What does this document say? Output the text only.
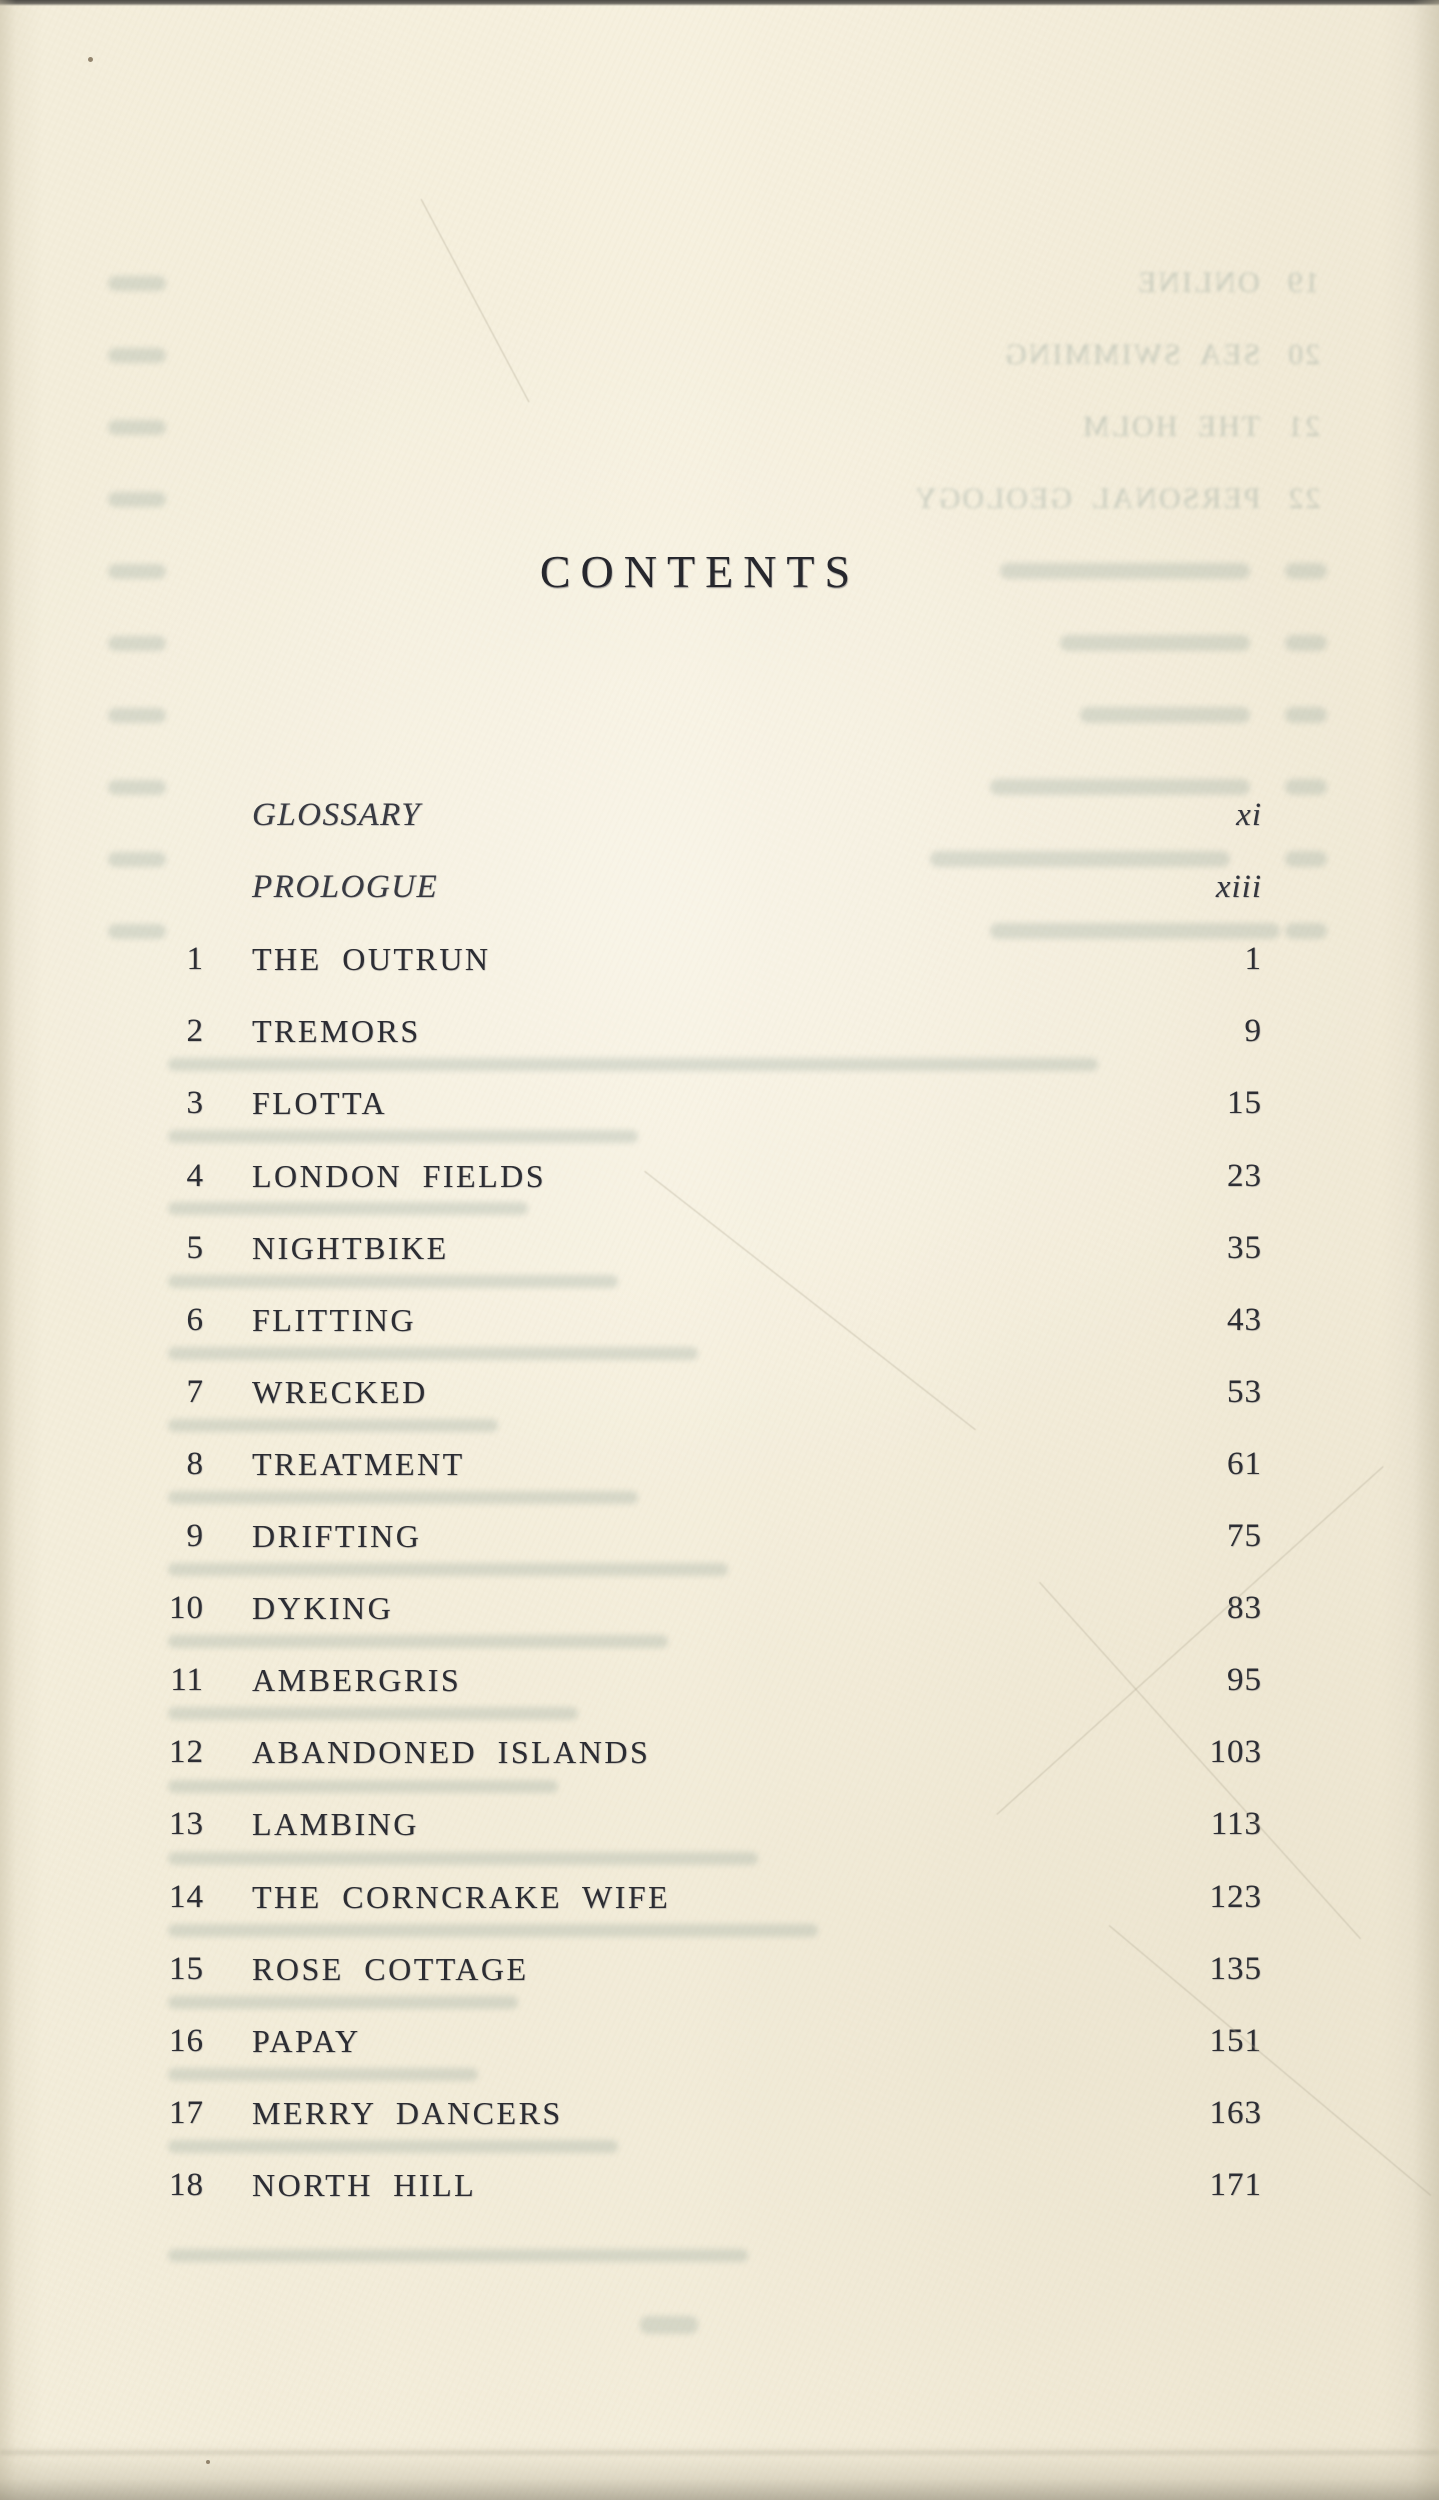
19ONLINE
20SEA SWIMMING
21THE HOLM
22PERSONAL GEOLOGY
CONTENTS
GLOSSARY	xi
PROLOGUE	xiii
1 THE OUTRUN	1
2 TREMORS	9
3 FLOTTA	15
4 LONDON FIELDS	23
5 NIGHTBIKE	35
6 FLITTING	43
7 WRECKED	53
8 TREATMENT	61
9 DRIFTING	75
10 DYKING	83
11 AMBERGRIS	95
12 ABANDONED ISLANDS	103
13 LAMBING	113
14 THE CORNCRAKE WIFE	123
15 ROSE COTTAGE	135
16 PAPAY	151
17 MERRY DANCERS	163
18 NORTH HILL	171
